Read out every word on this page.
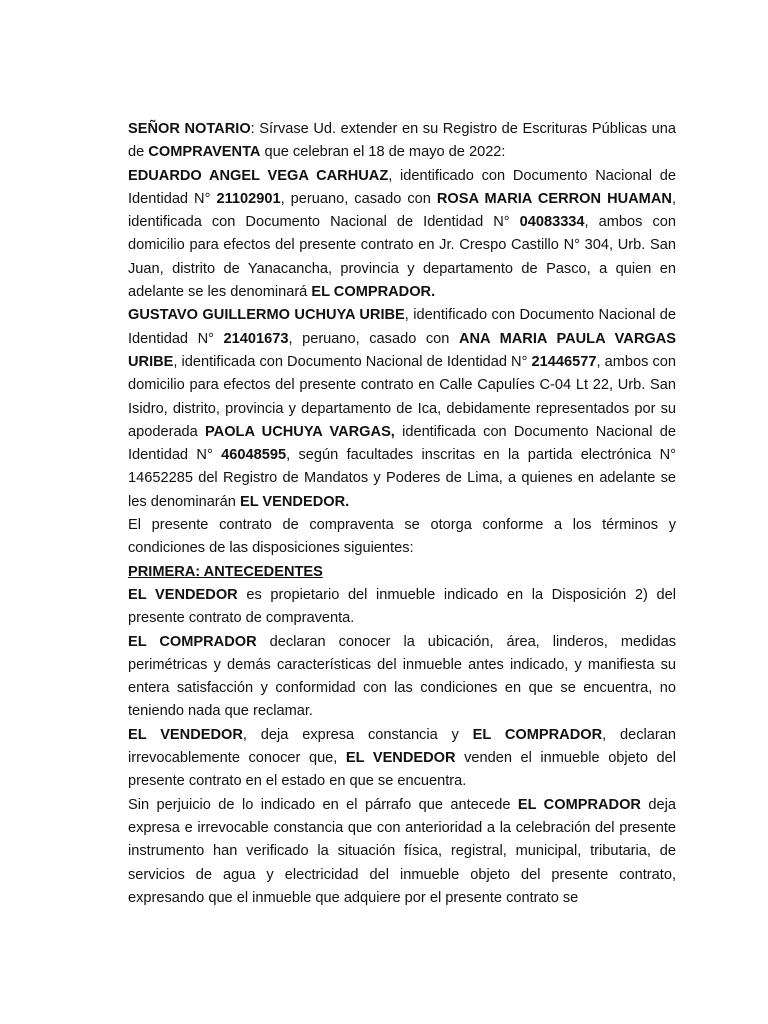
SEÑOR NOTARIO: Sírvase Ud. extender en su Registro de Escrituras Públicas una de COMPRAVENTA que celebran el 18 de mayo de 2022:

EDUARDO ANGEL VEGA CARHUAZ, identificado con Documento Nacional de Identidad N° 21102901, peruano, casado con ROSA MARIA CERRON HUAMAN, identificada con Documento Nacional de Identidad N° 04083334, ambos con domicilio para efectos del presente contrato en Jr. Crespo Castillo N° 304, Urb. San Juan, distrito de Yanacancha, provincia y departamento de Pasco, a quien en adelante se les denominará EL COMPRADOR.

GUSTAVO GUILLERMO UCHUYA URIBE, identificado con Documento Nacional de Identidad N° 21401673, peruano, casado con ANA MARIA PAULA VARGAS URIBE, identificada con Documento Nacional de Identidad N° 21446577, ambos con domicilio para efectos del presente contrato en Calle Capulíes C-04 Lt 22, Urb. San Isidro, distrito, provincia y departamento de Ica, debidamente representados por su apoderada PAOLA UCHUYA VARGAS, identificada con Documento Nacional de Identidad N° 46048595, según facultades inscritas en la partida electrónica N° 14652285 del Registro de Mandatos y Poderes de Lima, a quienes en adelante se les denominarán EL VENDEDOR.

El presente contrato de compraventa se otorga conforme a los términos y condiciones de las disposiciones siguientes:

PRIMERA: ANTECEDENTES

EL VENDEDOR es propietario del inmueble indicado en la Disposición 2) del presente contrato de compraventa.

EL COMPRADOR declaran conocer la ubicación, área, linderos, medidas perimétricas y demás características del inmueble antes indicado, y manifiesta su entera satisfacción y conformidad con las condiciones en que se encuentra, no teniendo nada que reclamar.

EL VENDEDOR, deja expresa constancia y EL COMPRADOR, declaran irrevocablemente conocer que, EL VENDEDOR venden el inmueble objeto del presente contrato en el estado en que se encuentra.

Sin perjuicio de lo indicado en el párrafo que antecede EL COMPRADOR deja expresa e irrevocable constancia que con anterioridad a la celebración del presente instrumento han verificado la situación física, registral, municipal, tributaria, de servicios de agua y electricidad del inmueble objeto del presente contrato, expresando que el inmueble que adquiere por el presente contrato se
